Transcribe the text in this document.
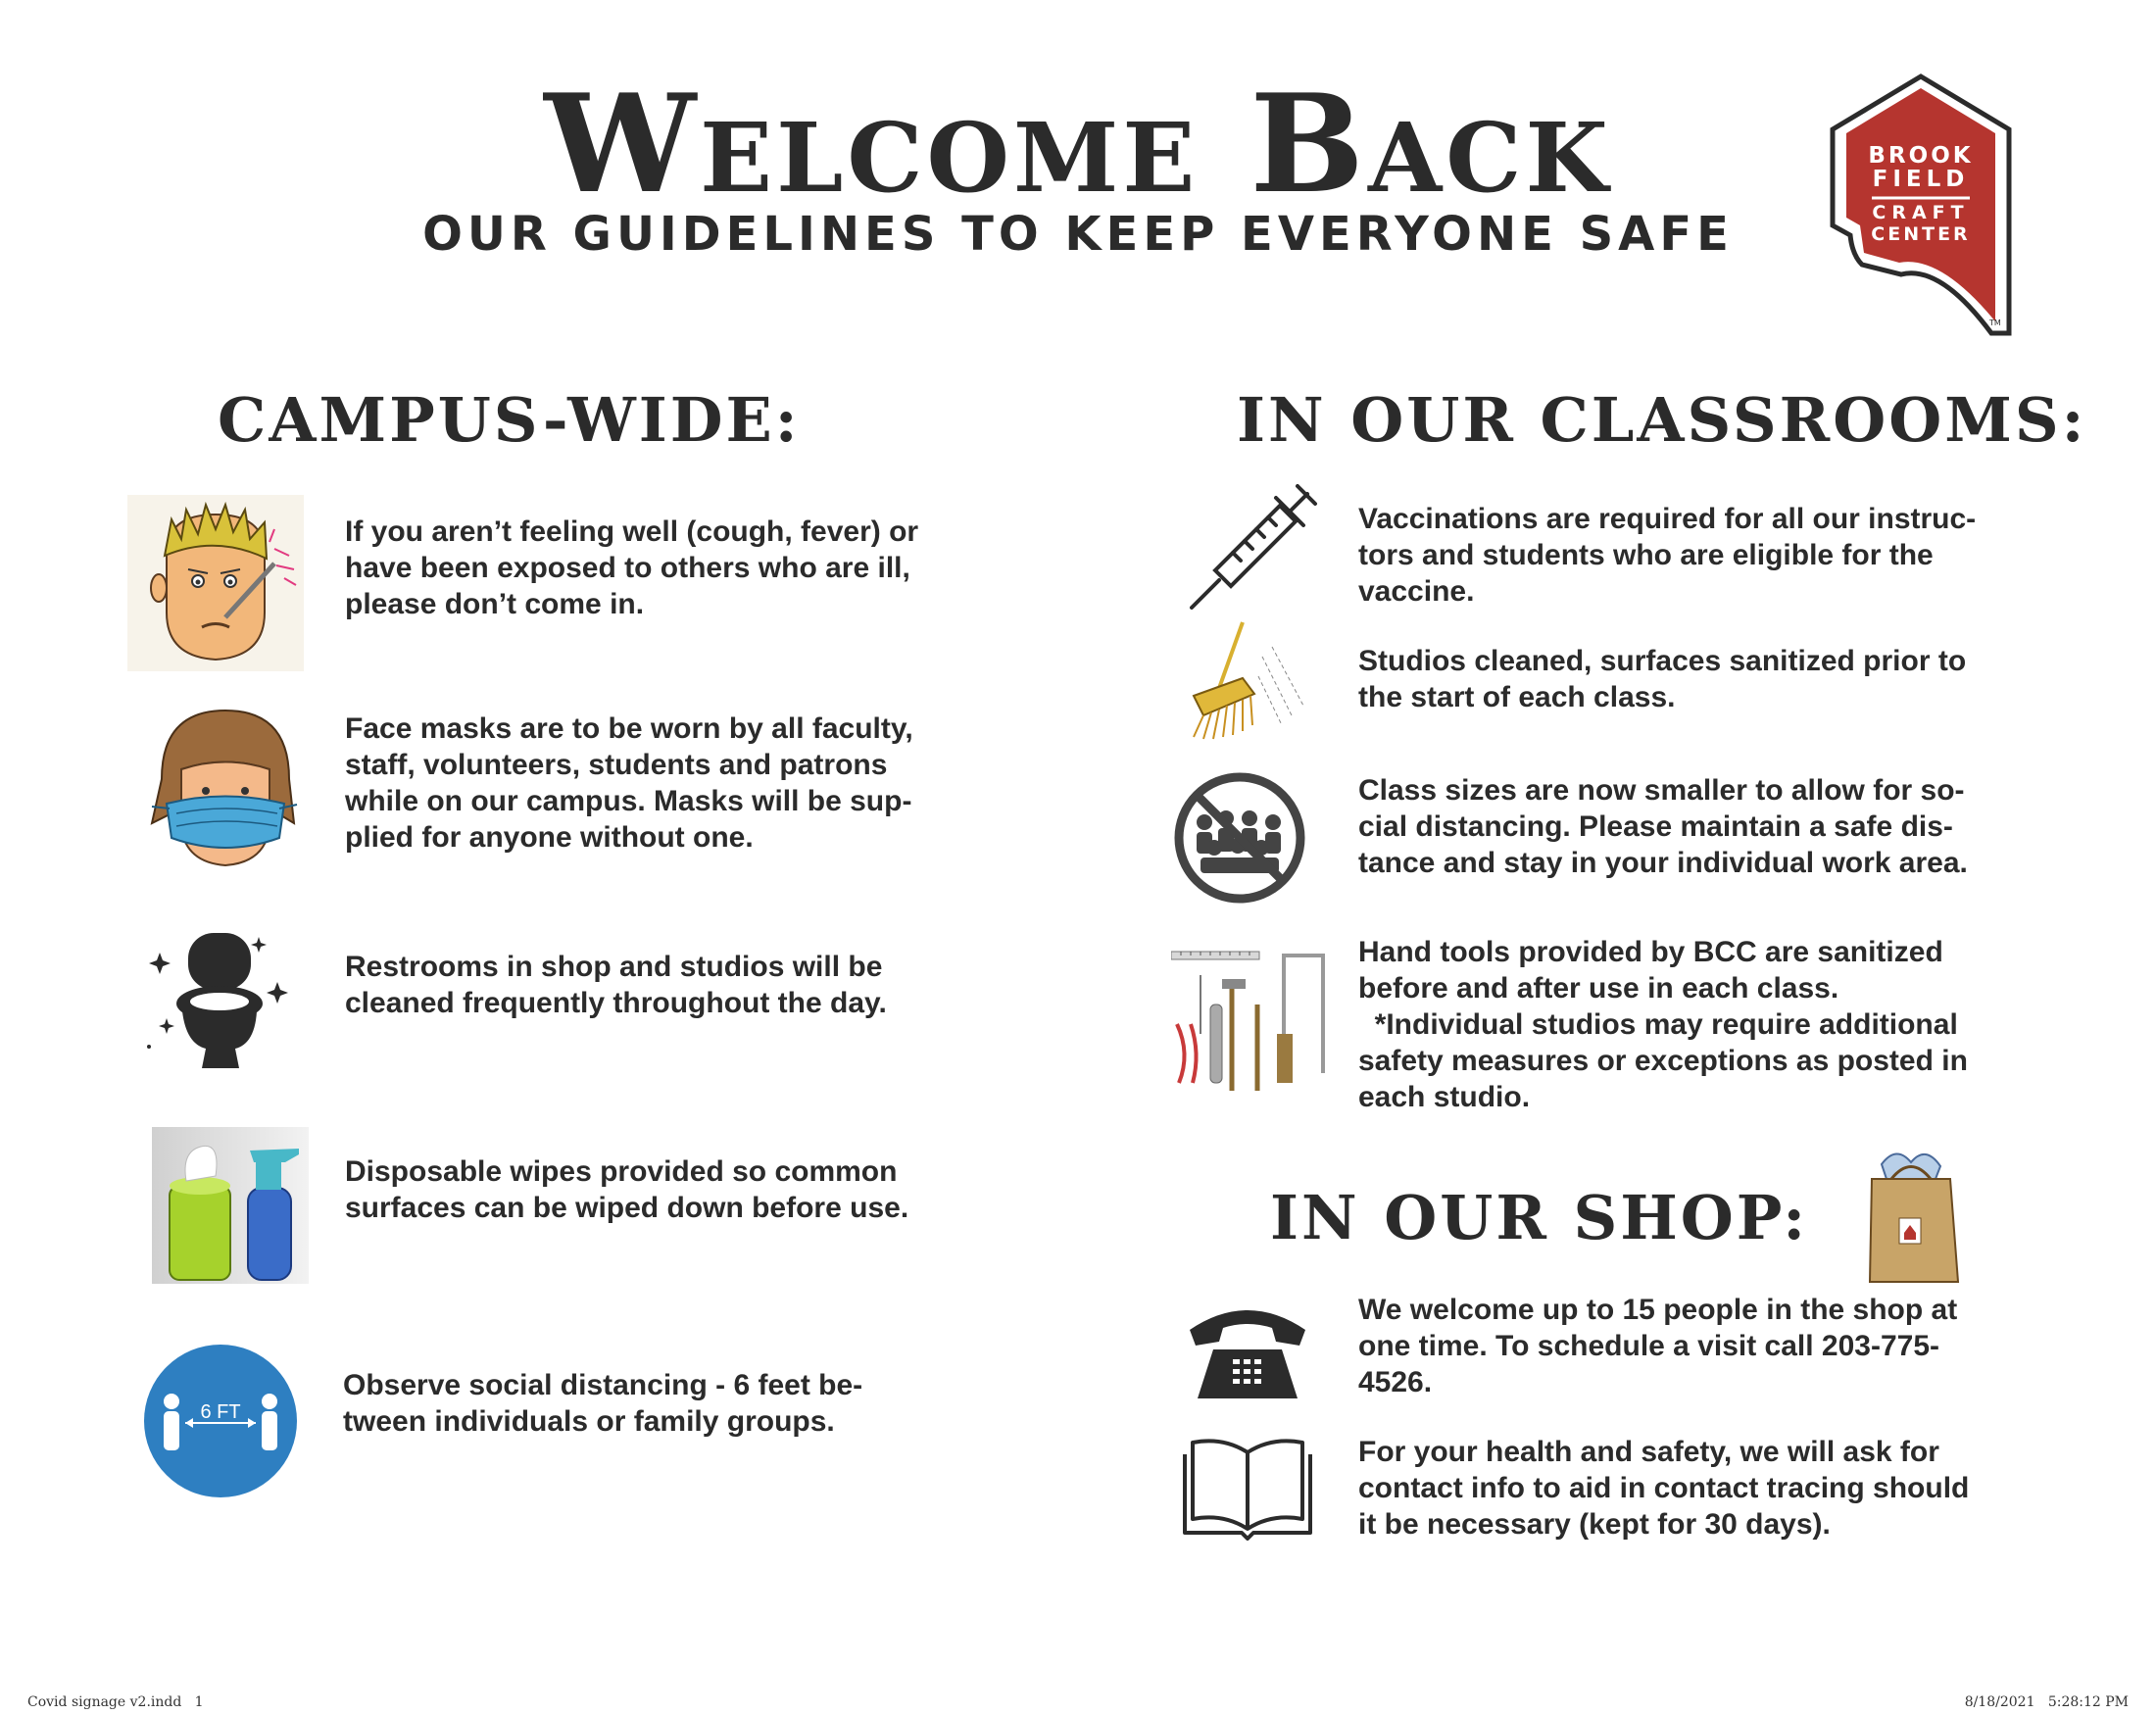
Welcome Back
OUR GUIDELINES TO KEEP EVERYONE SAFE
BROOK
FIELD
CRAFT
CENTER
TM
CAMPUS-WIDE:
If you aren’t feeling well (cough, fever) or
have been exposed to others who are ill,
please don’t come in.
Face masks are to be worn by all faculty,
staff, volunteers, students and patrons
while on our campus. Masks will be sup-
plied for anyone without one.
Restrooms in shop and studios will be
cleaned frequently throughout the day.
Disposable wipes provided so common
surfaces can be wiped down before use.
6 FT
Observe social distancing - 6 feet be-
tween individuals or family groups.
IN OUR CLASSROOMS:
Vaccinations are required for all our instruc-
tors and students who are eligible for the
vaccine.
Studios cleaned, surfaces sanitized prior to
the start of each class.
Class sizes are now smaller to allow for so-
cial distancing. Please maintain a safe dis-
tance and stay in your individual work area.
Hand tools provided by BCC are sanitized
before and after use in each class.
*Individual studios may require additional
safety measures or exceptions as posted in
each studio.
IN OUR SHOP:
We welcome up to 15 people in the shop at
one time. To schedule a visit call 203-775-
4526.
For your health and safety, we will ask for
contact info to aid in contact tracing should
it be necessary (kept for 30 days).
Covid signage v2.indd   1	8/18/2021   5:28:12 PM
